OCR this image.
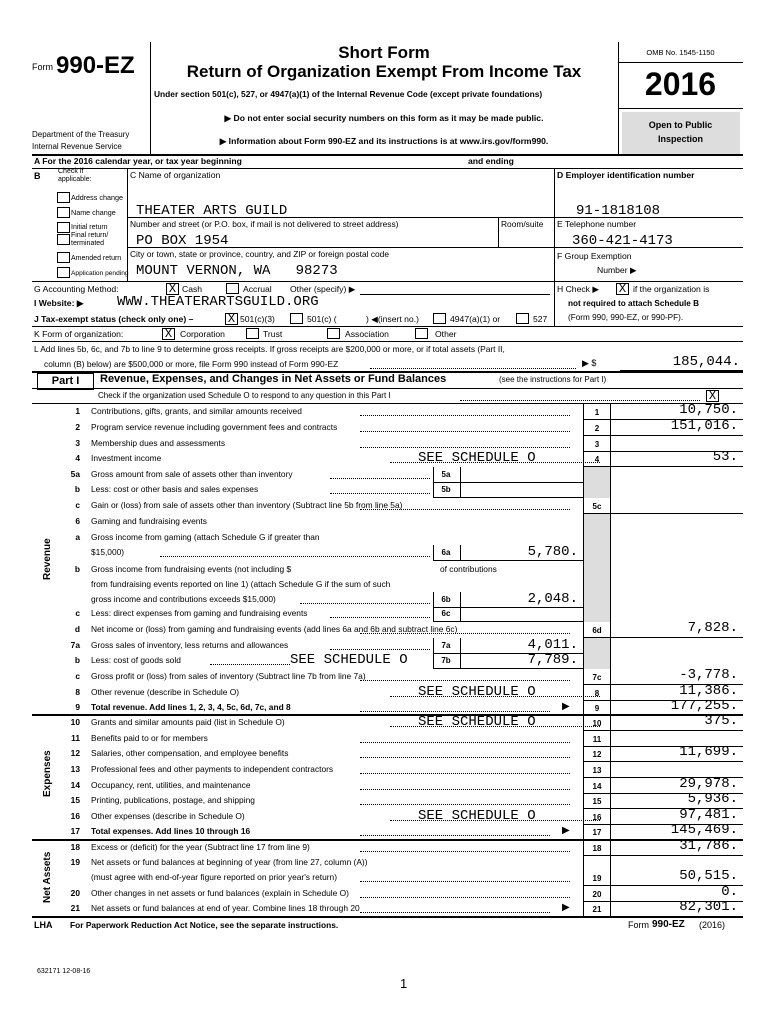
Form 990-EZ
Department of the Treasury
Internal Revenue Service
Short Form
Return of Organization Exempt From Income Tax
Under section 501(c), 527, or 4947(a)(1) of the Internal Revenue Code (except private foundations)
▶ Do not enter social security numbers on this form as it may be made public.
▶ Information about Form 990-EZ and its instructions is at www.irs.gov/form990.
OMB No. 1545-1150
2016
Open to Public
Inspection
A For the 2016 calendar year, or tax year beginning	and ending
B	Check if
applicable:
Address change
Name change
Initial return
Final return/ terminated
Amended return
Application pending
C Name of organization
THEATER ARTS GUILD
Number and street (or P.O. box, if mail is not delivered to street address)	Room/suite
PO BOX 1954
City or town, state or province, country, and ZIP or foreign postal code
MOUNT VERNON, WA   98273
D Employer identification number
91-1818108
E Telephone number
360-421-4173
F Group Exemption
Number ▶
G Accounting Method:	X Cash	Accrual Other (specify) ▶	H Check ▶ X if the organization is
not required to attach Schedule B
(Form 990, 990-EZ, or 990-PF).
I Website: ▶ WWW.THEATERARTSGUILD.ORG
J Tax-exempt status (check only one) –	X 501(c)(3)	501(c) (	) ◀(insert no.)	4947(a)(1) or	527
K Form of organization:	X Corporation	Trust	Association	Other
L Add lines 5b, 6c, and 7b to line 9 to determine gross receipts. If gross receipts are $200,000 or more, or if total assets (Part II,
column (B) below) are $500,000 or more, file Form 990 instead of Form 990-EZ	▶ $	185,044.
Part I	Revenue, Expenses, and Changes in Net Assets or Fund Balances	(see the instructions for Part I)
Check if the organization used Schedule O to respond to any question in this Part I	X
Revenue
Expenses
Net Assets
1 Contributions, gifts, grants, and similar amounts received	1	10,750.
2 Program service revenue including government fees and contracts	2	151,016.
3 Membership dues and assessments	3
4 Investment income	SEE SCHEDULE O	4	53.
5a Gross amount from sale of assets other than inventory	5a
b Less: cost or other basis and sales expenses	5b
c Gain or (loss) from sale of assets other than inventory (Subtract line 5b from line 5a)	5c
6 Gaming and fundraising events
a Gross income from gaming (attach Schedule G if greater than
$15,000)	6a	5,780.
b Gross income from fundraising events (not including $	of contributions
from fundraising events reported on line 1) (attach Schedule G if the sum of such
gross income and contributions exceeds $15,000)	6b	2,048.
c Less: direct expenses from gaming and fundraising events	6c
d Net income or (loss) from gaming and fundraising events (add lines 6a and 6b and subtract line 6c)	6d	7,828.
7a Gross sales of inventory, less returns and allowances	7a	4,011.
b Less: cost of goods sold	7b	7,789.
SEE SCHEDULE O
c Gross profit or (loss) from sales of inventory (Subtract line 7b from line 7a)	7c	-3,778.
8 Other revenue (describe in Schedule O)	SEE SCHEDULE O	8	11,386.
9 Total revenue. Add lines 1, 2, 3, 4, 5c, 6d, 7c, and 8	▶	9	177,255.
10 Grants and similar amounts paid (list in Schedule O)	SEE SCHEDULE O	10	375.
11 Benefits paid to or for members	11
12 Salaries, other compensation, and employee benefits	12	11,699.
13 Professional fees and other payments to independent contractors	13
14 Occupancy, rent, utilities, and maintenance	14	29,978.
15 Printing, publications, postage, and shipping	15	5,936.
16 Other expenses (describe in Schedule O)	SEE SCHEDULE O	16	97,481.
17 Total expenses. Add lines 10 through 16	▶	17	145,469.
18 Excess or (deficit) for the year (Subtract line 17 from line 9)	18	31,786.
19 Net assets or fund balances at beginning of year (from line 27, column (A))
(must agree with end-of-year figure reported on prior year's return)	19	50,515.
20 Other changes in net assets or fund balances (explain in Schedule O)	20	0.
21 Net assets or fund balances at end of year. Combine lines 18 through 20	▶	21	82,301.
LHA For Paperwork Reduction Act Notice, see the separate instructions.	Form 990-EZ (2016)
632171 12-08-16
1
